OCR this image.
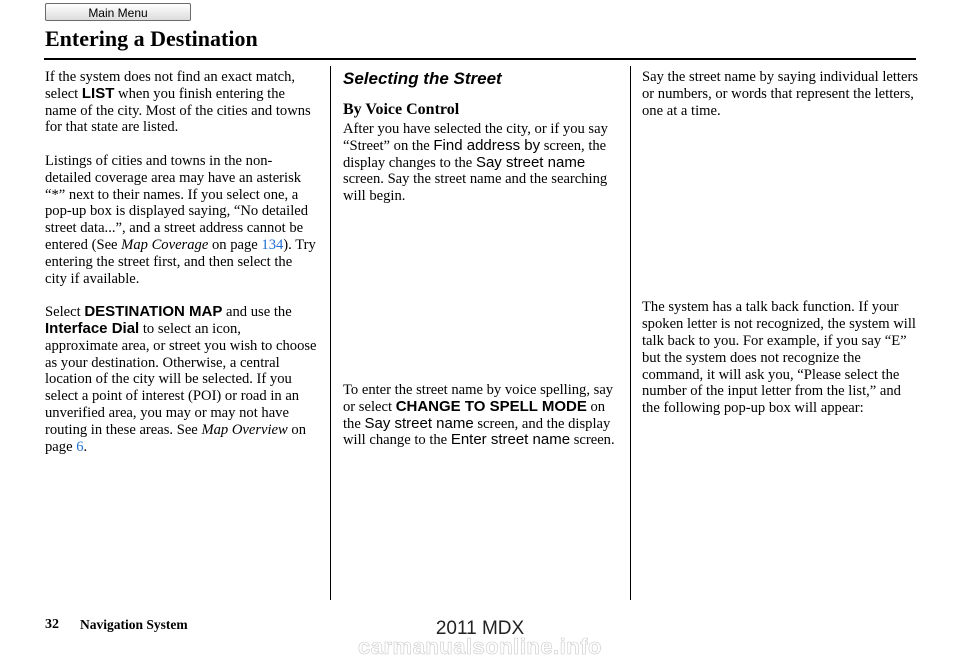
Main Menu
Entering a Destination

If the system does not find an exact match, select LIST when you finish entering the name of the city. Most of the cities and towns for that state are listed.

Listings of cities and towns in the non-detailed coverage area may have an asterisk “*” next to their names. If you select one, a pop-up box is displayed saying, “No detailed street data...”, and a street address cannot be entered (See Map Coverage on page 134). Try entering the street first, and then select the city if available.

Select DESTINATION MAP and use the Interface Dial to select an icon, approximate area, or street you wish to choose as your destination. Otherwise, a central location of the city will be selected. If you select a point of interest (POI) or road in an unverified area, you may or may not have routing in these areas. See Map Overview on page 6.

Selecting the Street
By Voice Control

After you have selected the city, or if you say “Street” on the Find address by screen, the display changes to the Say street name screen. Say the street name and the searching will begin.

To enter the street name by voice spelling, say or select CHANGE TO SPELL MODE on the Say street name screen, and the display will change to the Enter street name screen.

Say the street name by saying individual letters or numbers, or words that represent the letters, one at a time.

The system has a talk back function. If your spoken letter is not recognized, the system will talk back to you. For example, if you say “E” but the system does not recognize the command, it will ask you, “Please select the number of the input letter from the list,” and the following pop-up box will appear:

32 Navigation System	2011 MDX
carmanualsonline.info
